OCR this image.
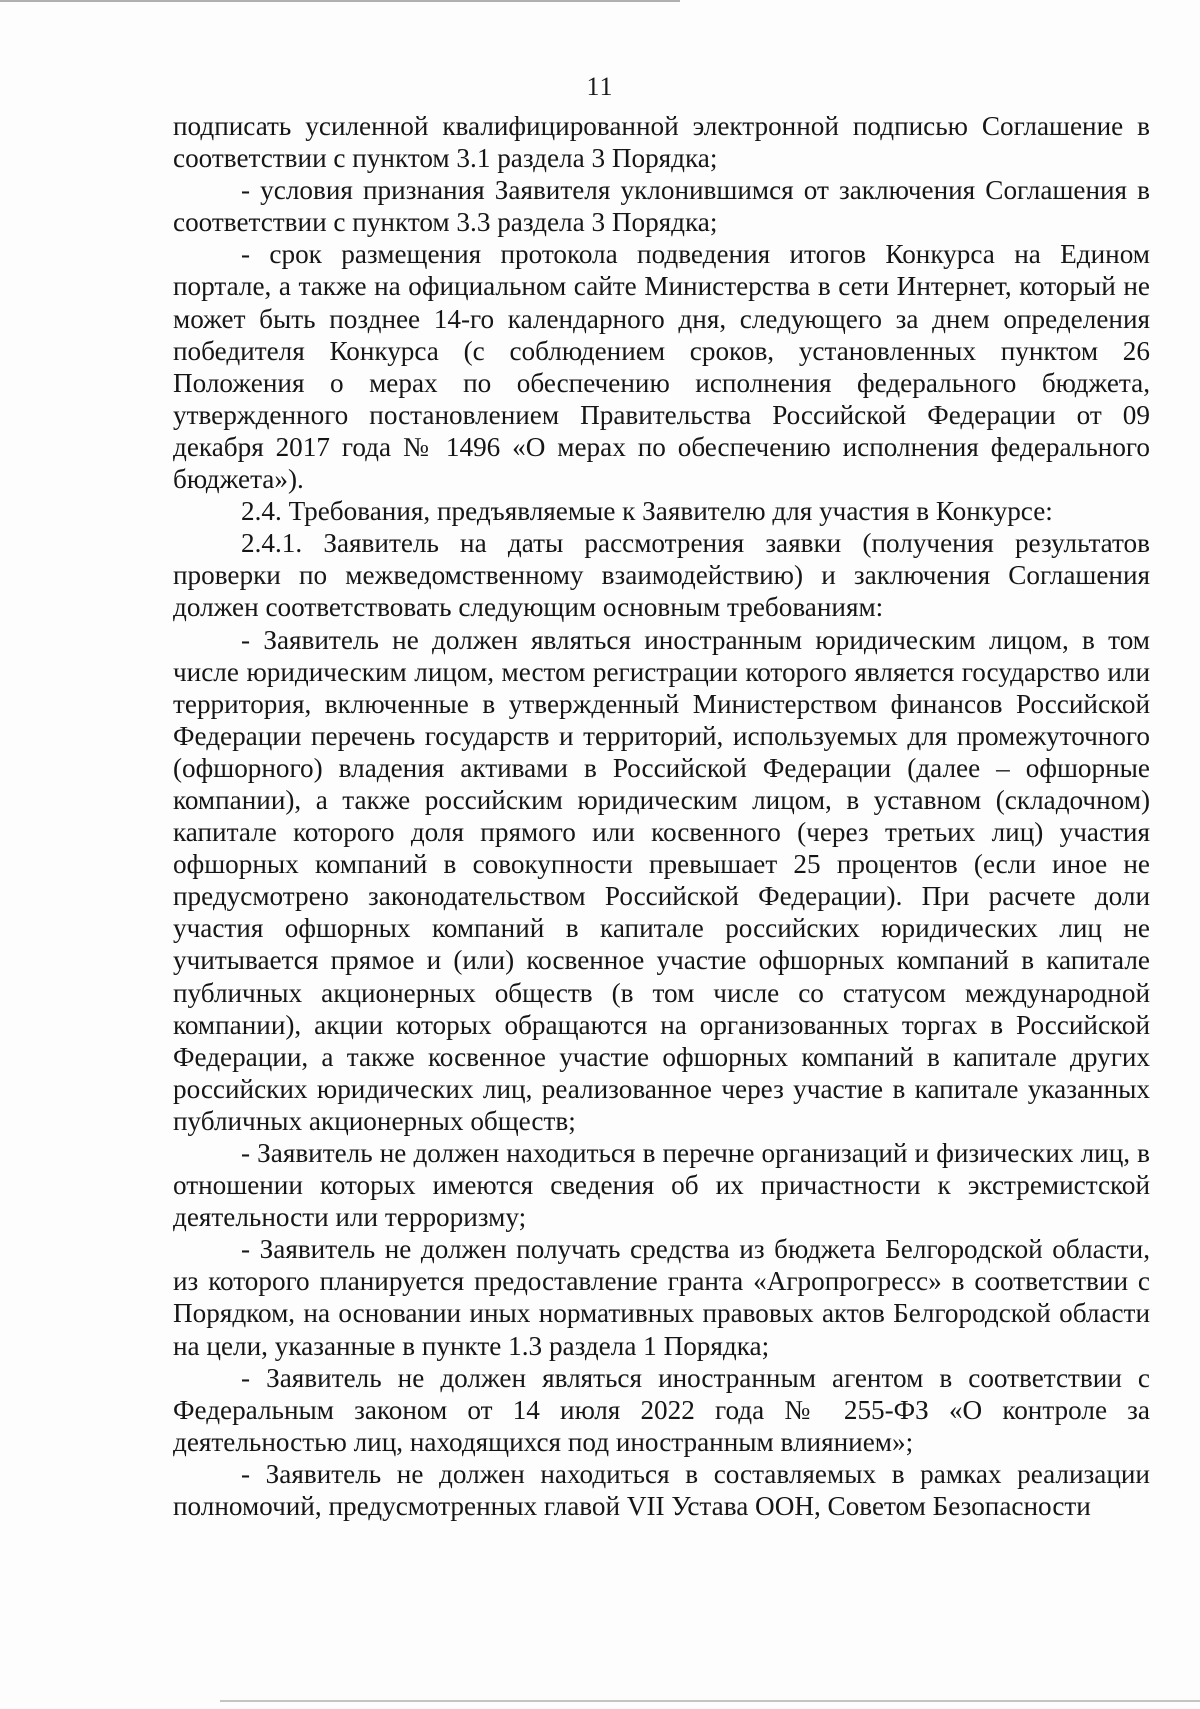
11

подписать усиленной квалифицированной электронной подписью Соглашение в соответствии с пунктом 3.1 раздела 3 Порядка;

- условия признания Заявителя уклонившимся от заключения Соглашения в соответствии с пунктом 3.3 раздела 3 Порядка;

- срок размещения протокола подведения итогов Конкурса на Едином портале, а также на официальном сайте Министерства в сети Интернет, который не может быть позднее 14-го календарного дня, следующего за днем определения победителя Конкурса (с соблюдением сроков, установленных пунктом 26 Положения о мерах по обеспечению исполнения федерального бюджета, утвержденного постановлением Правительства Российской Федерации от 09 декабря 2017 года № 1496 «О мерах по обеспечению исполнения федерального бюджета»).

2.4. Требования, предъявляемые к Заявителю для участия в Конкурсе:

2.4.1. Заявитель на даты рассмотрения заявки (получения результатов проверки по межведомственному взаимодействию) и заключения Соглашения должен соответствовать следующим основным требованиям:

- Заявитель не должен являться иностранным юридическим лицом, в том числе юридическим лицом, местом регистрации которого является государство или территория, включенные в утвержденный Министерством финансов Российской Федерации перечень государств и территорий, используемых для промежуточного (офшорного) владения активами в Российской Федерации (далее – офшорные компании), а также российским юридическим лицом, в уставном (складочном) капитале которого доля прямого или косвенного (через третьих лиц) участия офшорных компаний в совокупности превышает 25 процентов (если иное не предусмотрено законодательством Российской Федерации). При расчете доли участия офшорных компаний в капитале российских юридических лиц не учитывается прямое и (или) косвенное участие офшорных компаний в капитале публичных акционерных обществ (в том числе со статусом международной компании), акции которых обращаются на организованных торгах в Российской Федерации, а также косвенное участие офшорных компаний в капитале других российских юридических лиц, реализованное через участие в капитале указанных публичных акционерных обществ;

- Заявитель не должен находиться в перечне организаций и физических лиц, в отношении которых имеются сведения об их причастности к экстремистской деятельности или терроризму;

- Заявитель не должен получать средства из бюджета Белгородской области, из которого планируется предоставление гранта «Агропрогресс» в соответствии с Порядком, на основании иных нормативных правовых актов Белгородской области на цели, указанные в пункте 1.3 раздела 1 Порядка;

- Заявитель не должен являться иностранным агентом в соответствии с Федеральным законом от 14 июля 2022 года № 255-ФЗ «О контроле за деятельностью лиц, находящихся под иностранным влиянием»;

- Заявитель не должен находиться в составляемых в рамках реализации полномочий, предусмотренных главой VII Устава ООН, Советом Безопасности
